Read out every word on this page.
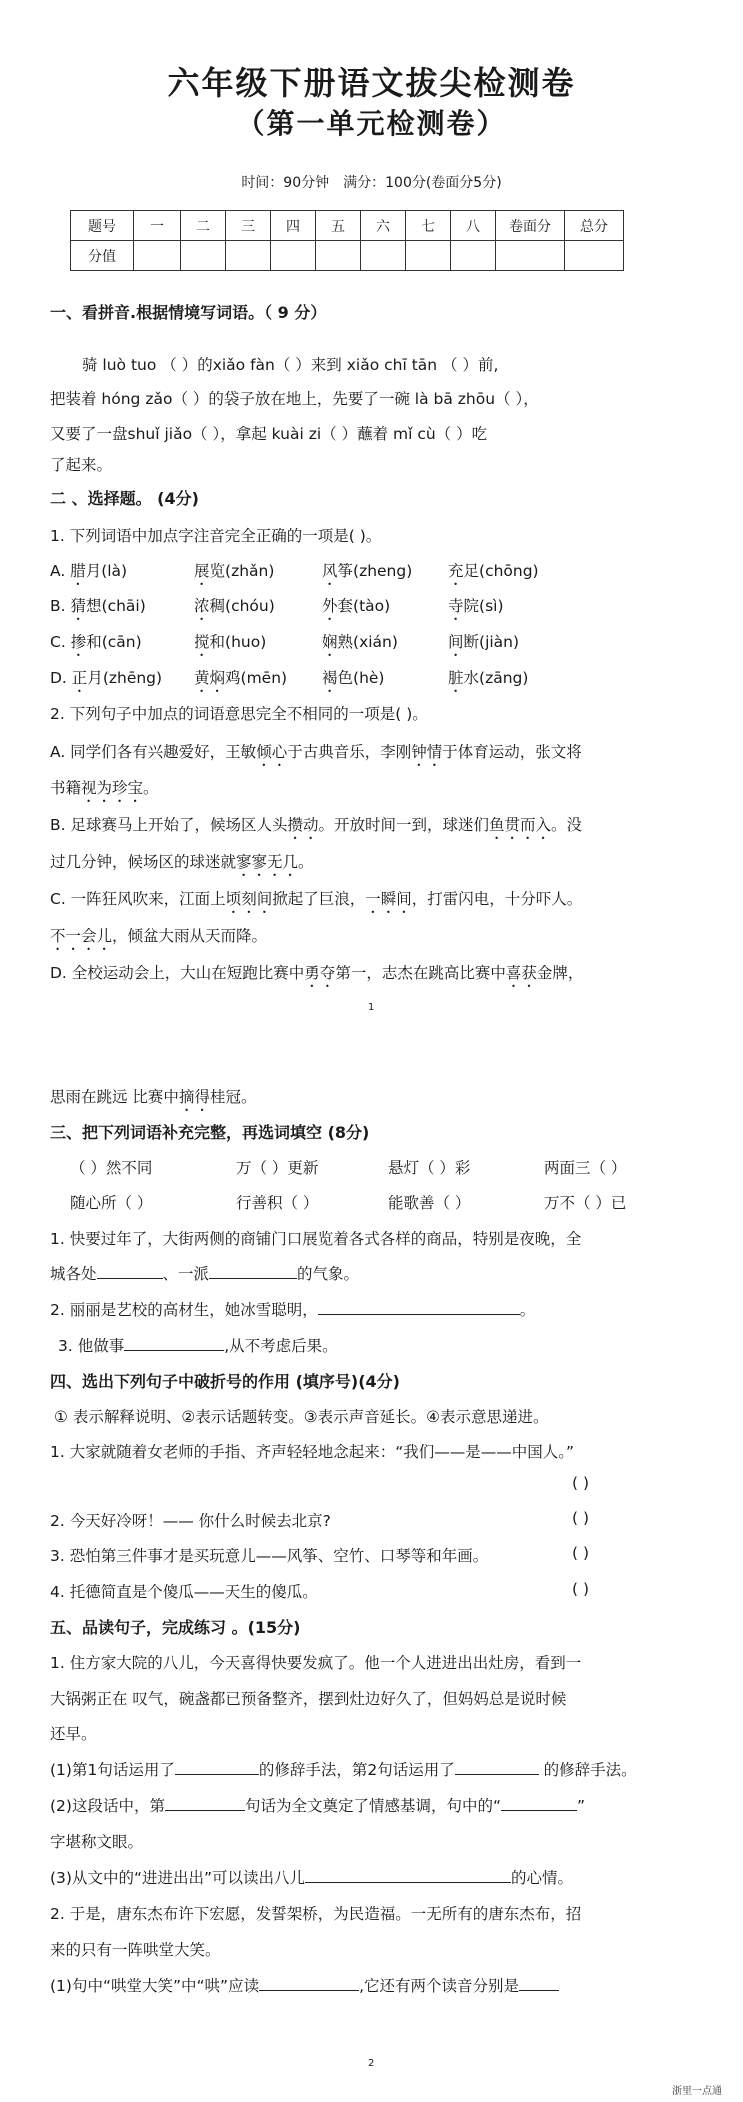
六年级下册语文拔尖检测卷
（第一单元检测卷）
时间：90分钟　满分：100分(卷面分5分)
题号	一	二	三	四	五	六	七	八	卷面分	总分
分值										
一、看拼音.根据情境写词语。（ 9 分）
骑 luò tuo （ ）的xiǎo fàn（ ）来到 xiǎo chī tān （ ）前,
把装着 hóng zǎo（ ）的袋子放在地上，先要了一碗 là bā zhōu（ ），
又要了一盘shuǐ jiǎo（ ），拿起 kuài zi（ ）蘸着 mǐ cù（ ）吃
了起来。
二 、选择题。 (4分)
1. 下列词语中加点字注音完全正确的一项是( )。
A. 腊月(là)	展览(zhǎn)	风筝(zheng) 充足(chōng)
B. 猜想(chāi)	浓稠(chóu)	外套(tào)	寺院(sì)
C. 掺和(cān)	搅和(huo)	娴熟(xián)	间断(jiàn)
D. 正月(zhēng) 黄焖鸡(mēn) 褐色(hè)	脏水(zāng)
2. 下列句子中加点的词语意思完全不相同的一项是( )。
A. 同学们各有兴趣爱好，王敏倾心于古典音乐，李刚钟情于体育运动，张文将
书籍视为珍宝。
B. 足球赛马上开始了，候场区人头攒动。开放时间一到，球迷们鱼贯而入。没
过几分钟，候场区的球迷就寥寥无几。
C. 一阵狂风吹来，江面上顷刻间掀起了巨浪，一瞬间，打雷闪电，十分吓人。
不一会儿，倾盆大雨从天而降。
D. 全校运动会上，大山在短跑比赛中勇夺第一，志杰在跳高比赛中喜获金牌，
1
思雨在跳远 比赛中摘得桂冠。
三、把下列词语补充完整，再选词填空 (8分)
（ ）然不同	万（ ）更新	悬灯（ ）彩	两面三（ ）
随心所（ ）	行善积（ ）	能歌善（ ）	万不（ ）已
1. 快要过年了，大街两侧的商铺门口展览着各式各样的商品，特别是夜晚，全
城各处	、一派	的气象。
2. 丽丽是艺校的高材生，她冰雪聪明，	。
3. 他做事	,从不考虑后果。
四、选出下列句子中破折号的作用 (填序号)(4分)
① 表示解释说明、②表示话题转变。③表示声音延长。④表示意思递进。
1. 大家就随着女老师的手指、齐声轻轻地念起来：“我们——是——中国人。”
( )
2. 今天好冷呀！—— 你什么时候去北京?	( )
3. 恐怕第三件事才是买玩意儿——风筝、空竹、口琴等和年画。	( )
4. 托德简直是个傻瓜——天生的傻瓜。	( )
五、品读句子，完成练习 。(15分)
1. 住方家大院的八儿，今天喜得快要发疯了。他一个人进进出出灶房，看到一
大锅粥正在 叹气，碗盏都已预备整齐，摆到灶边好久了，但妈妈总是说时候
还早。
(1)第1句话运用了	的修辞手法，第2句话运用了	的修辞手法。
(2)这段话中，第	句话为全文奠定了情感基调，句中的“	”
字堪称文眼。
(3)从文中的“进进出出”可以读出八儿	的心情。
2. 于是，唐东杰布许下宏愿，发誓架桥，为民造福。一无所有的唐东杰布，招
来的只有一阵哄堂大笑。
(1)句中“哄堂大笑”中“哄”应读	,它还有两个读音分别是
2
浙里一点通
